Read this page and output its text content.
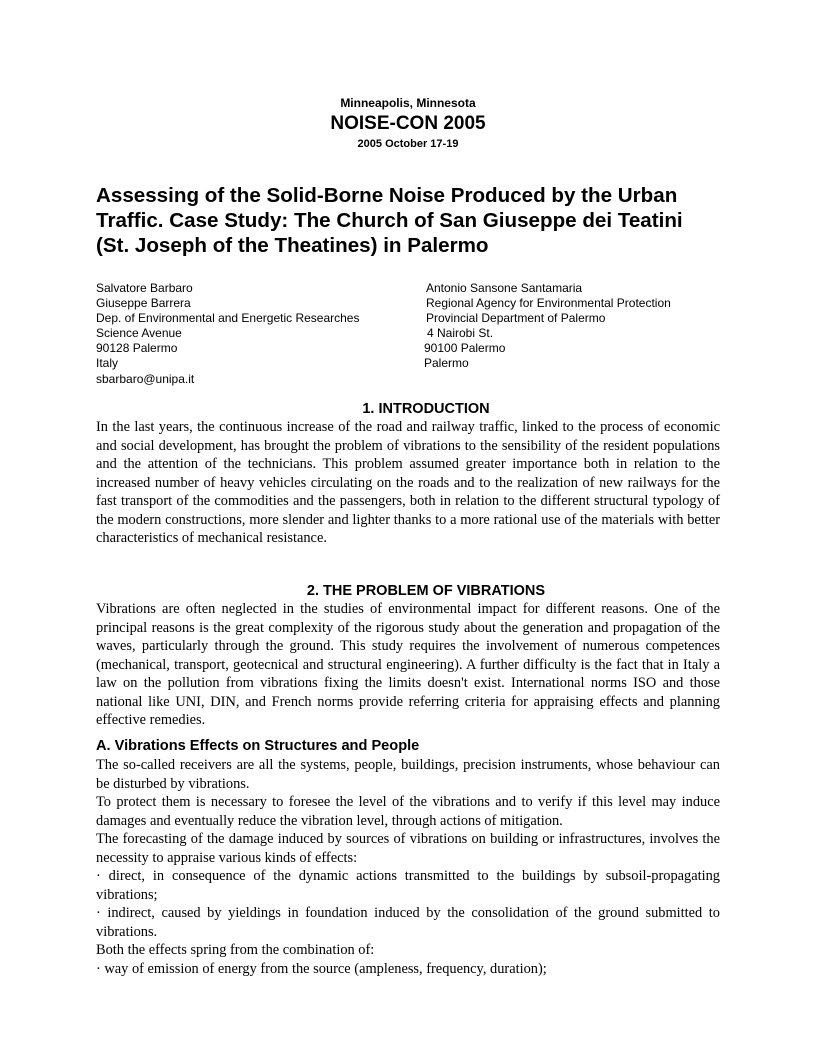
Minneapolis, Minnesota
NOISE-CON 2005
2005 October 17-19
Assessing of the Solid-Borne Noise Produced by the Urban Traffic. Case Study: The Church of San Giuseppe dei Teatini (St. Joseph of the Theatines) in Palermo
Salvatore Barbaro
Giuseppe Barrera
Dep. of Environmental and Energetic Researches
Science Avenue
90128 Palermo
Italy
sbarbaro@unipa.it
Antonio Sansone Santamaria
Regional Agency for Environmental Protection
Provincial Department of Palermo
4 Nairobi St.
90100 Palermo
Palermo
1. INTRODUCTION

In the last years, the continuous increase of the road and railway traffic, linked to the process of economic and social development, has brought the problem of vibrations to the sensibility of the resident populations and the attention of the technicians. This problem assumed greater importance both in relation to the increased number of heavy vehicles circulating on the roads and to the realization of new railways for the fast transport of the commodities and the passengers, both in relation to the different structural typology of the modern constructions, more slender and lighter thanks to a more rational use of the materials with better characteristics of mechanical resistance.

2. THE PROBLEM OF VIBRATIONS

Vibrations are often neglected in the studies of environmental impact for different reasons. One of the principal reasons is the great complexity of the rigorous study about the generation and propagation of the waves, particularly through the ground. This study requires the involvement of numerous competences (mechanical, transport, geotecnical and structural engineering). A further difficulty is the fact that in Italy a law on the pollution from vibrations fixing the limits doesn't exist. International norms ISO and those national like UNI, DIN, and French norms provide referring criteria for appraising effects and planning effective remedies.

A. Vibrations Effects on Structures and People

The so-called receivers are all the systems, people, buildings, precision instruments, whose behaviour can be disturbed by vibrations.

To protect them is necessary to foresee the level of the vibrations and to verify if this level may induce damages and eventually reduce the vibration level, through actions of mitigation.

The forecasting of the damage induced by sources of vibrations on building or infrastructures, involves the necessity to appraise various kinds of effects:

· direct, in consequence of the dynamic actions transmitted to the buildings by subsoil-propagating vibrations;

· indirect, caused by yieldings in foundation induced by the consolidation of the ground submitted to vibrations.

Both the effects spring from the combination of:

· way of emission of energy from the source (ampleness, frequency, duration);
